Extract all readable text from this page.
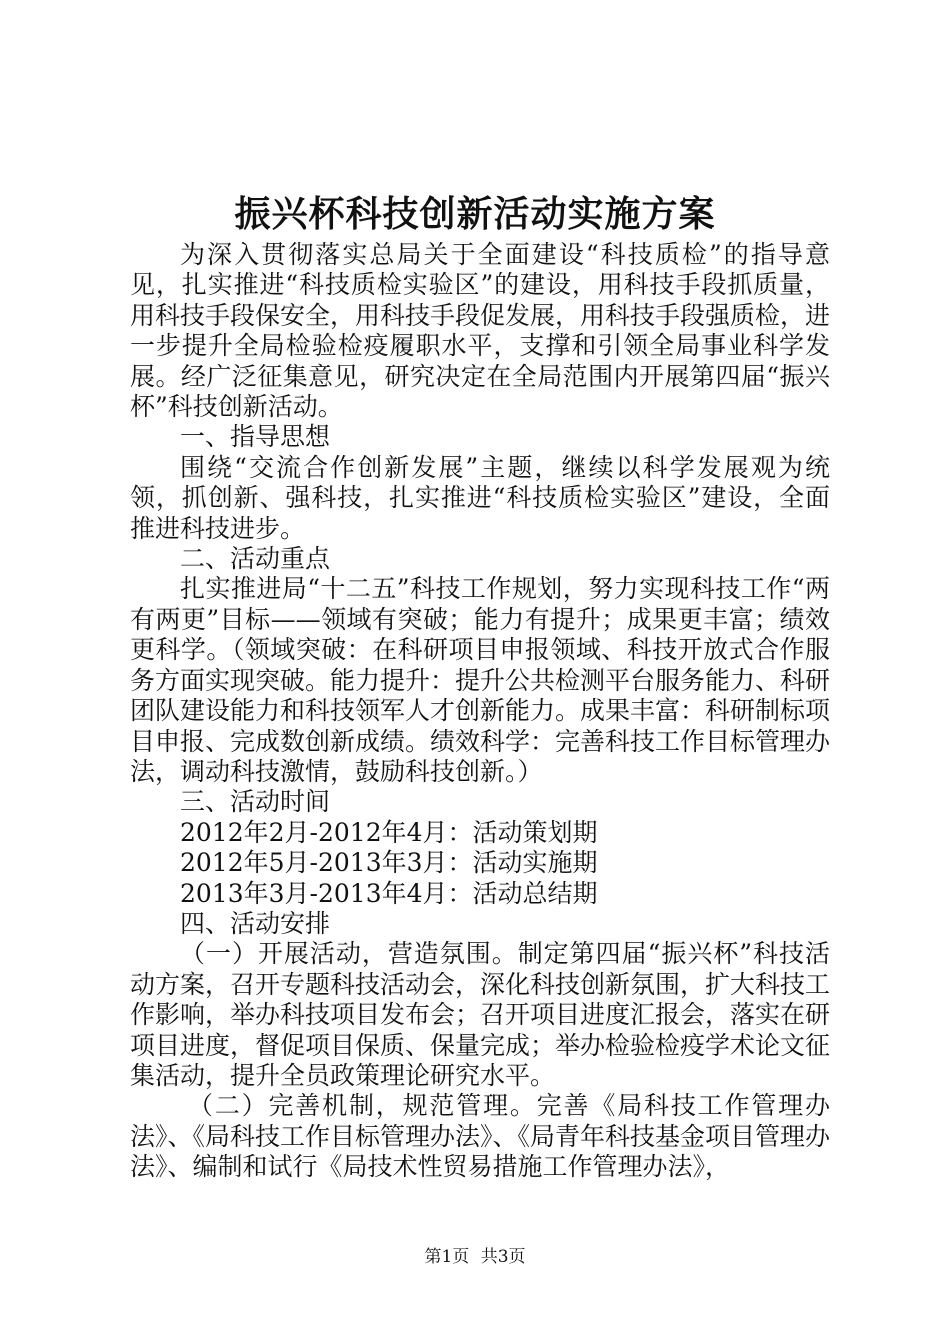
振兴杯科技创新活动实施方案

为深入贯彻落实总局关于全面建设“科技质检”的指导意见，扎实推进“科技质检实验区”的建设，用科技手段抓质量，用科技手段保安全，用科技手段促发展，用科技手段强质检，进一步提升全局检验检疫履职水平，支撑和引领全局事业科学发展。经广泛征集意见，研究决定在全局范围内开展第四届“振兴杯”科技创新活动。

一、指导思想

围绕“交流合作创新发展”主题，继续以科学发展观为统领，抓创新、强科技，扎实推进“科技质检实验区”建设，全面推进科技进步。

二、活动重点

扎实推进局“十二五”科技工作规划，努力实现科技工作“两有两更”目标——领域有突破；能力有提升；成果更丰富；绩效更科学。（领域突破：在科研项目申报领域、科技开放式合作服务方面实现突破。能力提升：提升公共检测平台服务能力、科研团队建设能力和科技领军人才创新能力。成果丰富：科研制标项目申报、完成数创新成绩。绩效科学：完善科技工作目标管理办法，调动科技激情，鼓励科技创新。）

三、活动时间

2012年2月-2012年4月：活动策划期

2012年5月-2013年3月：活动实施期

2013年3月-2013年4月：活动总结期

四、活动安排

（一）开展活动，营造氛围。制定第四届“振兴杯”科技活动方案，召开专题科技活动会，深化科技创新氛围，扩大科技工作影响，举办科技项目发布会；召开项目进度汇报会，落实在研项目进度，督促项目保质、保量完成；举办检验检疫学术论文征集活动，提升全员政策理论研究水平。

（二）完善机制，规范管理。完善《局科技工作管理办法》、《局科技工作目标管理办法》、《局青年科技基金项目管理办法》、编制和试行《局技术性贸易措施工作管理办法》，

第1页 共3页
